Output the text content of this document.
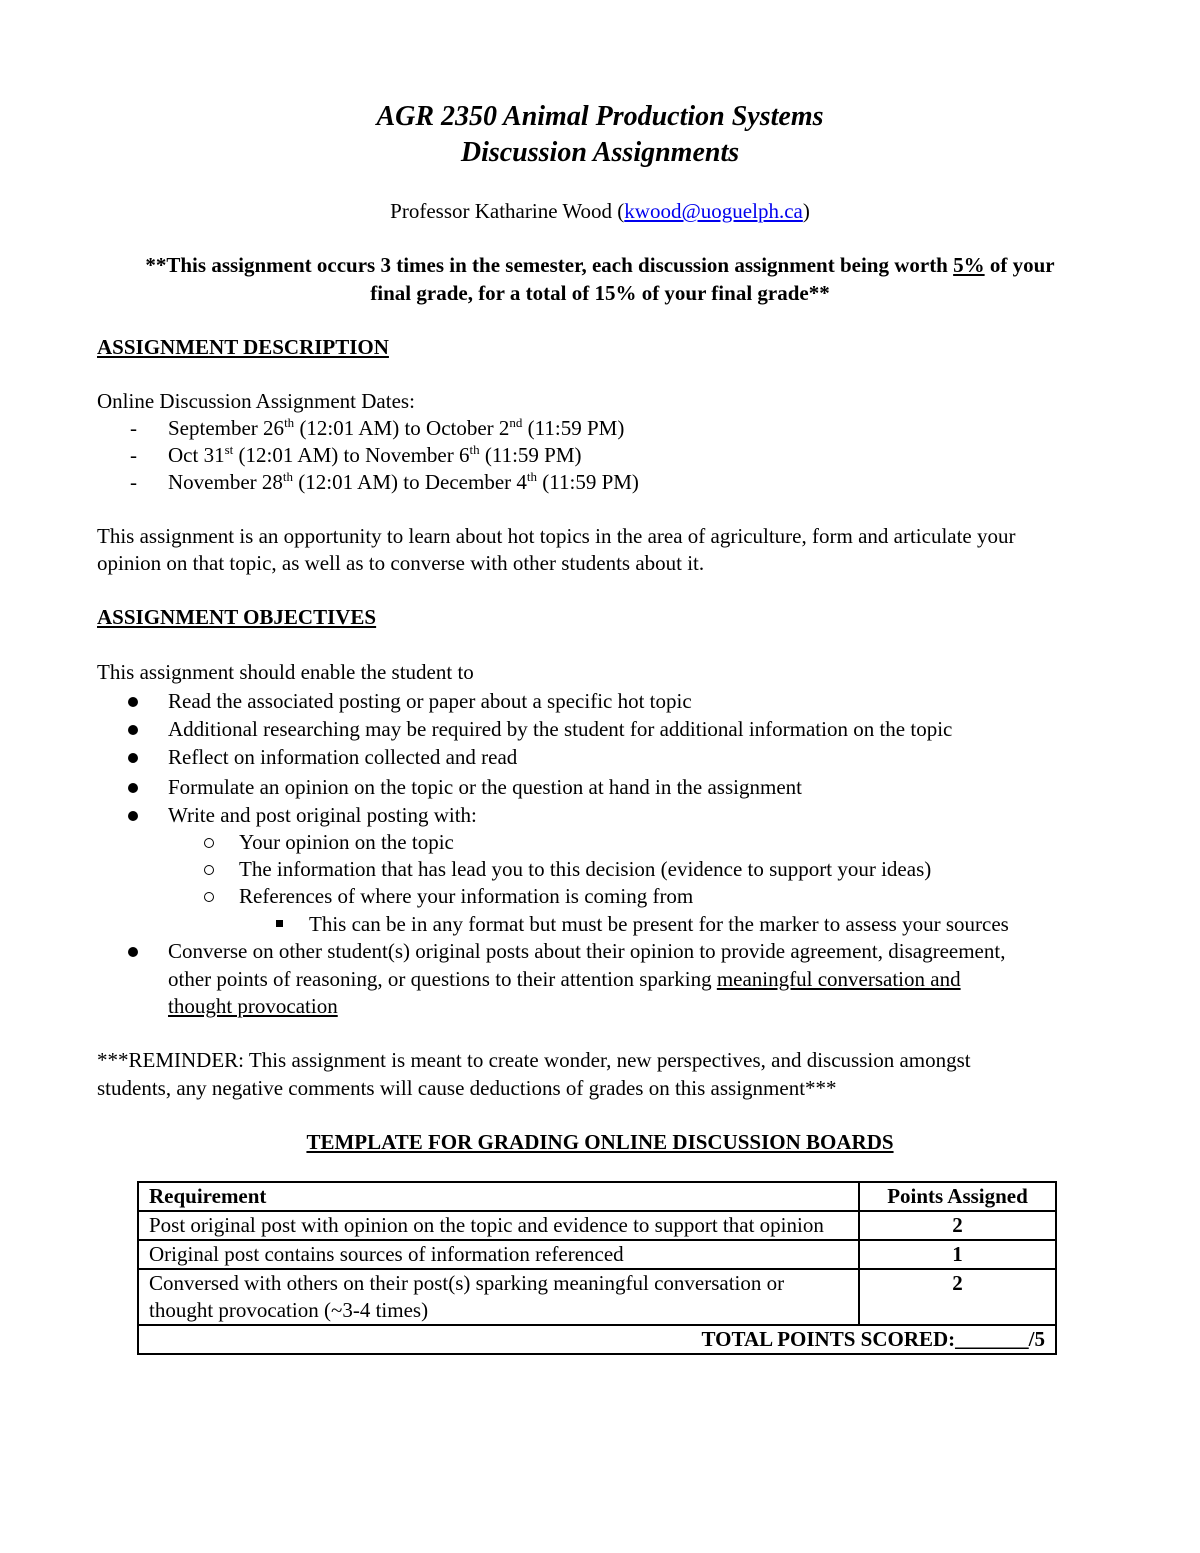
AGR 2350 Animal Production Systems
Discussion Assignments
Professor Katharine Wood (kwood@uoguelph.ca)
**This assignment occurs 3 times in the semester, each discussion assignment being worth 5% of your
final grade, for a total of 15% of your final grade**
ASSIGNMENT DESCRIPTION
Online Discussion Assignment Dates:
- September 26th (12:01 AM) to October 2nd (11:59 PM)
- Oct 31st (12:01 AM) to November 6th (11:59 PM)
- November 28th (12:01 AM) to December 4th (11:59 PM)
This assignment is an opportunity to learn about hot topics in the area of agriculture, form and articulate your
opinion on that topic, as well as to converse with other students about it.
ASSIGNMENT OBJECTIVES
This assignment should enable the student to
Read the associated posting or paper about a specific hot topic
Additional researching may be required by the student for additional information on the topic
Reflect on information collected and read
Formulate an opinion on the topic or the question at hand in the assignment
Write and post original posting with:
Your opinion on the topic
The information that has lead you to this decision (evidence to support your ideas)
References of where your information is coming from
This can be in any format but must be present for the marker to assess your sources
Converse on other student(s) original posts about their opinion to provide agreement, disagreement,
other points of reasoning, or questions to their attention sparking meaningful conversation and
thought provocation
***REMINDER: This assignment is meant to create wonder, new perspectives, and discussion amongst
students, any negative comments will cause deductions of grades on this assignment***
TEMPLATE FOR GRADING ONLINE DISCUSSION BOARDS
Requirement	Points Assigned
Post original post with opinion on the topic and evidence to support that opinion	2
Original post contains sources of information referenced	1
Conversed with others on their post(s) sparking meaningful conversation or thought provocation (~3-4 times)	2
TOTAL POINTS SCORED:_______/5	
